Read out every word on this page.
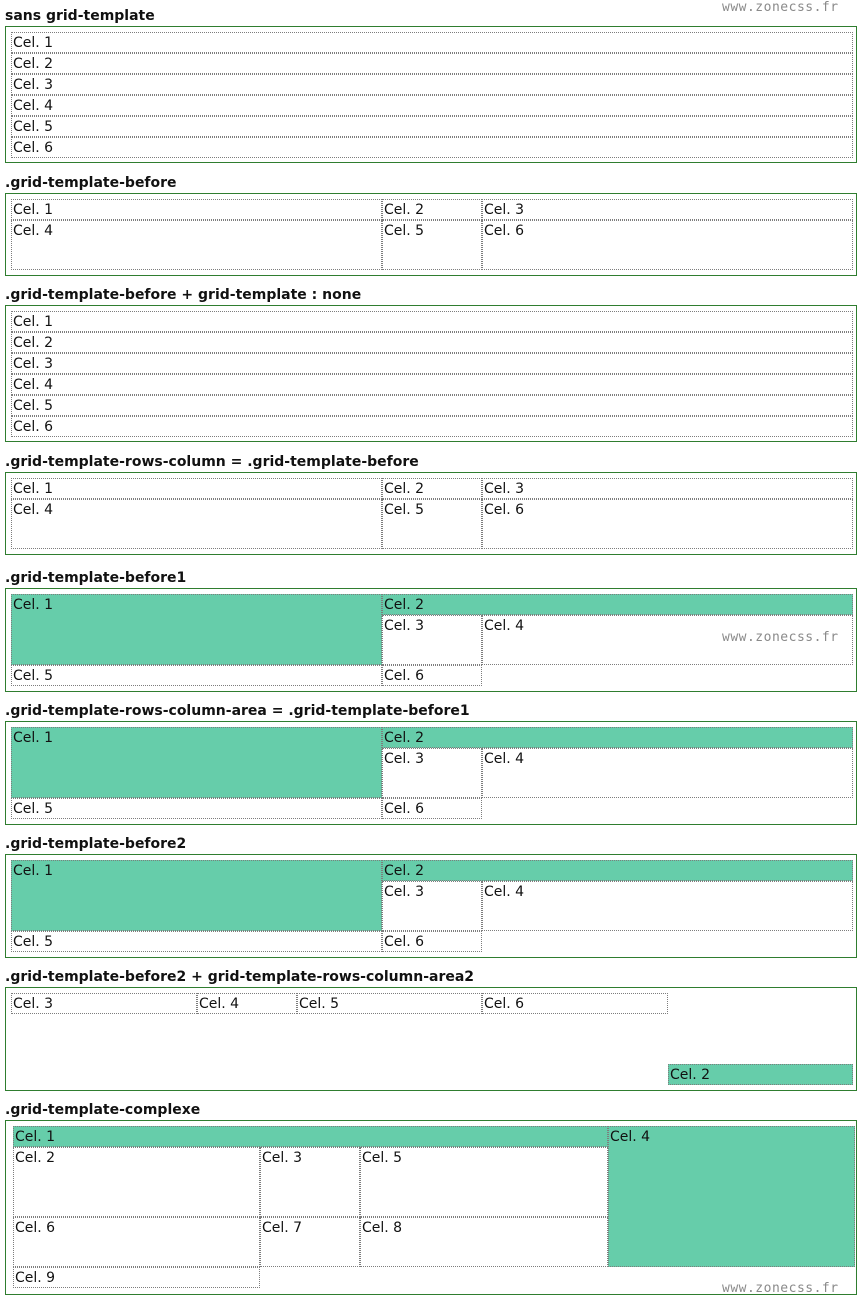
www.zonecss.fr
sans grid-template
Cel. 1
Cel. 2
Cel. 3
Cel. 4
Cel. 5
Cel. 6
.grid-template-before
Cel. 1	Cel. 2	Cel. 3
Cel. 4	Cel. 5	Cel. 6
.grid-template-before + grid-template : none
Cel. 1
Cel. 2
Cel. 3
Cel. 4
Cel. 5
Cel. 6
.grid-template-rows-column = .grid-template-before
Cel. 1	Cel. 2	Cel. 3
Cel. 4	Cel. 5	Cel. 6
.grid-template-before1
Cel. 1	Cel. 2
Cel. 3	Cel. 4
Cel. 5	Cel. 6
www.zonecss.fr
.grid-template-rows-column-area = .grid-template-before1
Cel. 1	Cel. 2
Cel. 3	Cel. 4
Cel. 5	Cel. 6
.grid-template-before2
Cel. 1	Cel. 2
Cel. 3	Cel. 4
Cel. 5	Cel. 6
.grid-template-before2 + grid-template-rows-column-area2
Cel. 3	Cel. 4	Cel. 5	Cel. 6
Cel. 2
.grid-template-complexe
Cel. 1	Cel. 4
Cel. 2	Cel. 3	Cel. 5
Cel. 6	Cel. 7	Cel. 8
Cel. 9
www.zonecss.fr
